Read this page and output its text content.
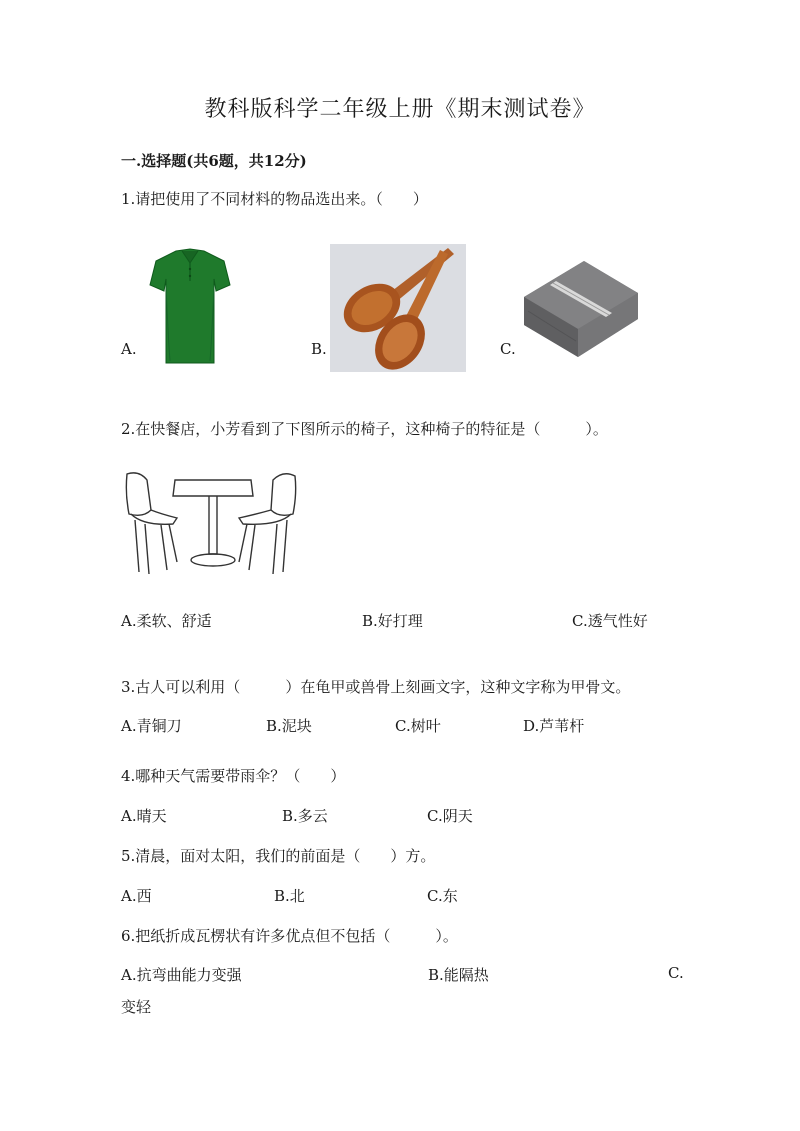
教科版科学二年级上册《期末测试卷》
一.选择题(共6题，共12分)
1.请把使用了不同材料的物品选出来。（　　）
A.	B.	C.
2.在快餐店，小芳看到了下图所示的椅子，这种椅子的特征是（　　　）。
A.柔软、舒适	B.好打理	C.透气性好
3.古人可以利用（　　　）在龟甲或兽骨上刻画文字，这种文字称为甲骨文。
A.青铜刀	B.泥块	C.树叶	D.芦苇杆
4.哪种天气需要带雨伞？（　　）
A.晴天	B.多云	C.阴天
5.清晨，面对太阳，我们的前面是（　　）方。
A.西	B.北	C.东
6.把纸折成瓦楞状有许多优点但不包括（　　　）。
A.抗弯曲能力变强	B.能隔热	C.
变轻
